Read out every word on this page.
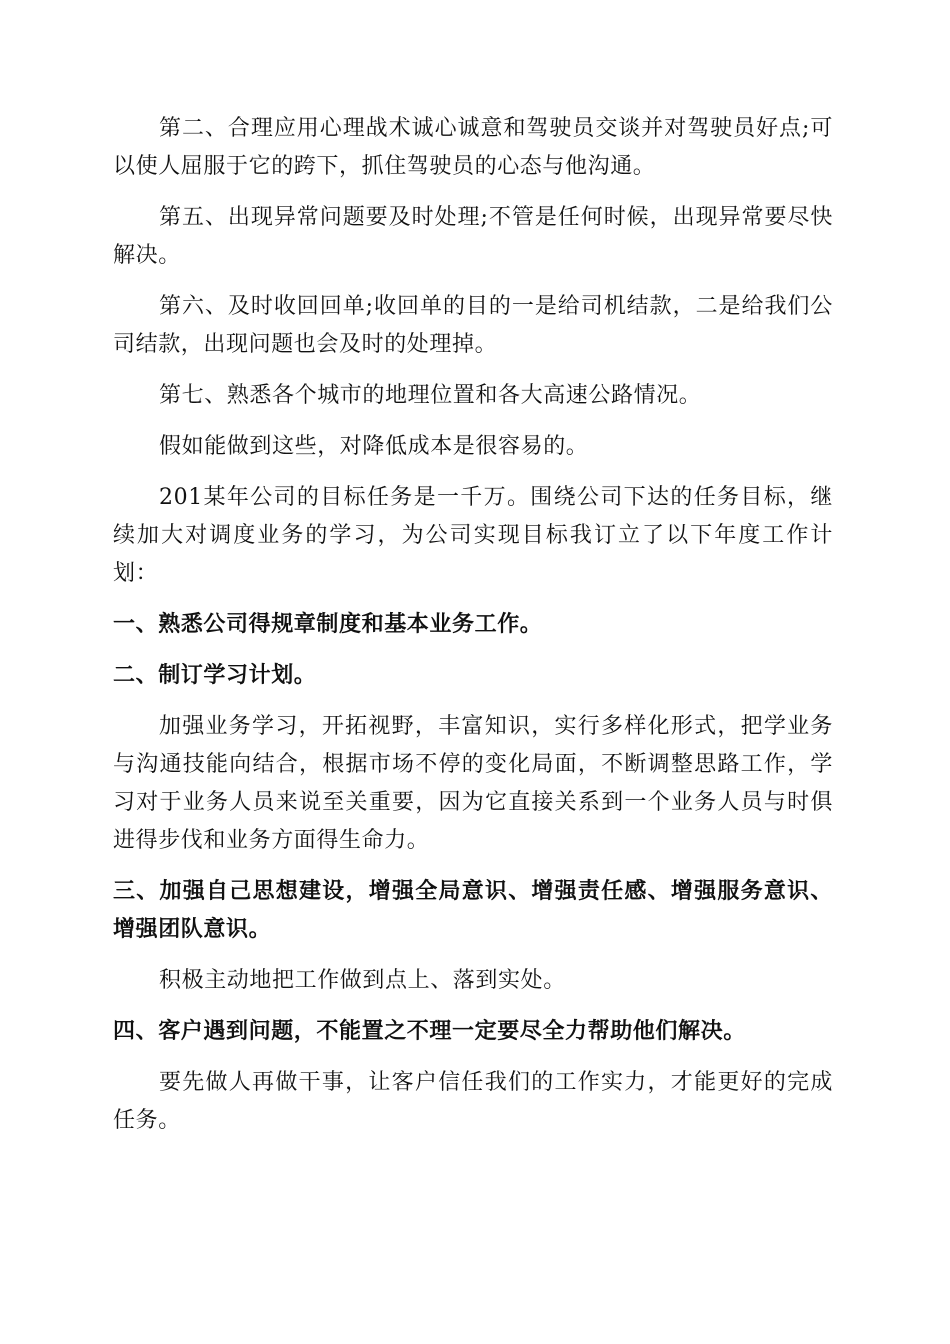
第二、合理应用心理战术诚心诚意和驾驶员交谈并对驾驶员好点;可以使人屈服于它的跨下，抓住驾驶员的心态与他沟通。

第五、出现异常问题要及时处理;不管是任何时候，出现异常要尽快解决。

第六、及时收回回单;收回单的目的一是给司机结款，二是给我们公司结款，出现问题也会及时的处理掉。

第七、熟悉各个城市的地理位置和各大高速公路情况。

假如能做到这些，对降低成本是很容易的。

201某年公司的目标任务是一千万。围绕公司下达的任务目标，继续加大对调度业务的学习，为公司实现目标我订立了以下年度工作计划：

一、熟悉公司得规章制度和基本业务工作。

二、制订学习计划。

加强业务学习，开拓视野，丰富知识，实行多样化形式，把学业务与沟通技能向结合，根据市场不停的变化局面，不断调整思路工作，学习对于业务人员来说至关重要，因为它直接关系到一个业务人员与时俱进得步伐和业务方面得生命力。

三、加强自己思想建设，增强全局意识、增强责任感、增强服务意识、增强团队意识。

积极主动地把工作做到点上、落到实处。

四、客户遇到问题，不能置之不理一定要尽全力帮助他们解决。

要先做人再做干事，让客户信任我们的工作实力，才能更好的完成任务。
